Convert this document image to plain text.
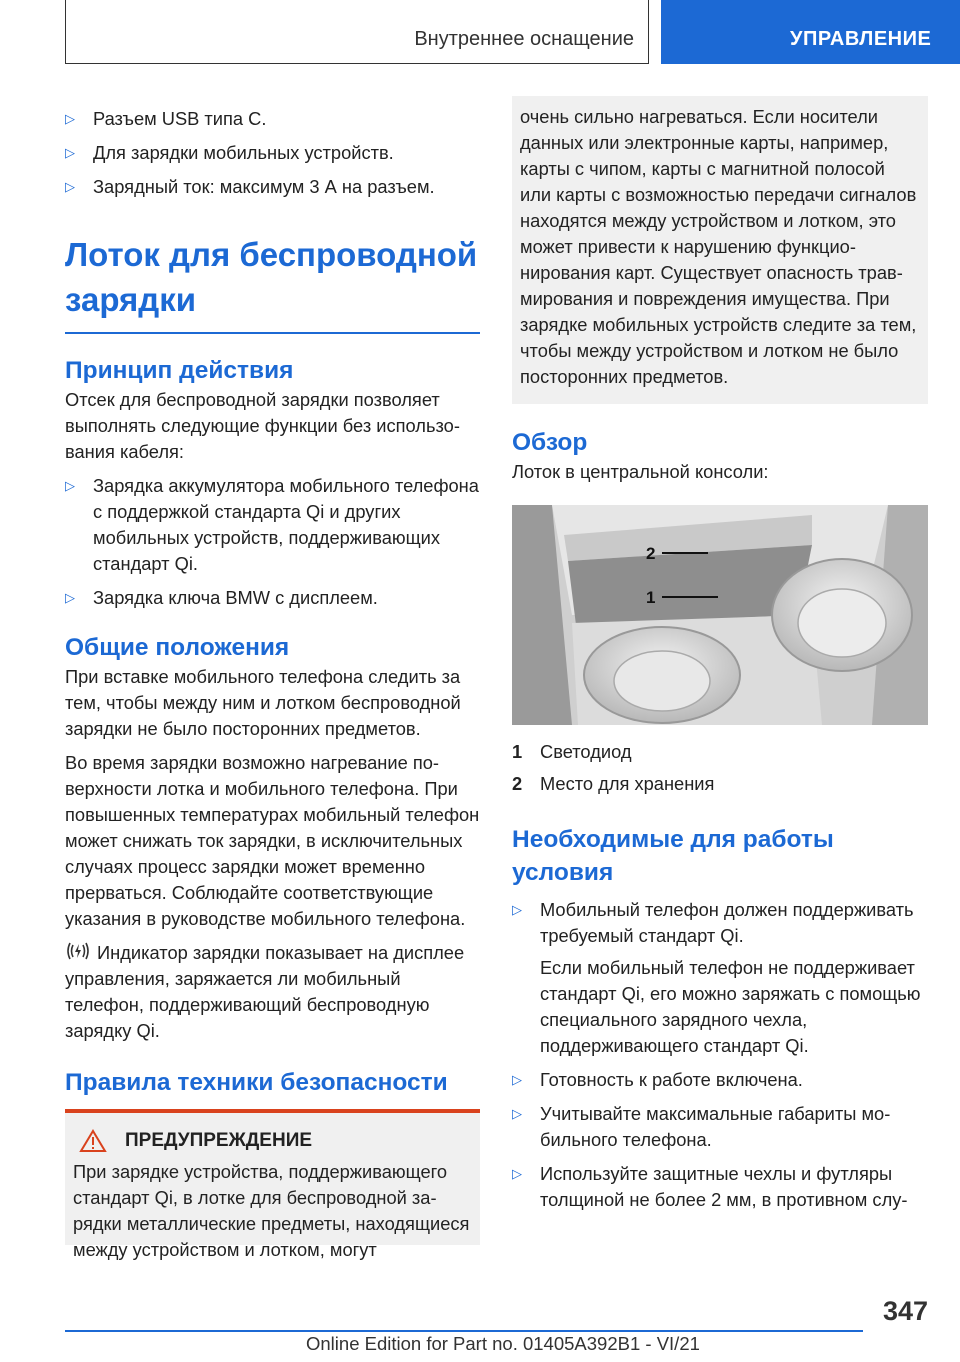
Внутреннее оснащение	УПРАВЛЕНИЕ
▷ Разъем USB типа C.
▷ Для зарядки мобильных устройств.
▷ Зарядный ток: максимум 3 А на разъем.
Лоток для беспроводной
зарядки
Принцип действия

Отсек для беспроводной зарядки позволяет выполнять следующие функции без использования кабеля:

▷ Зарядка аккумулятора мобильного телефона с поддержкой стандарта Qi и других мобильных устройств, поддерживающих стандарт Qi.
▷ Зарядка ключа BMW с дисплеем.
Общие положения

При вставке мобильного телефона следить за тем, чтобы между ним и лотком беспроводной зарядки не было посторонних предметов.

Во время зарядки возможно нагревание поверхности лотка и мобильного телефона. При повышенных температурах мобильный телефон может снижать ток зарядки, в исключительных случаях процесс зарядки может временно прерваться. Соблюдайте соответствующие указания в руководстве мобильного телефона.

Индикатор зарядки показывает на дисплее управления, заряжается ли мобильный телефон, поддерживающий беспроводную зарядку Qi.

Правила техники безопасности
ПРЕДУПРЕЖДЕНИЕ

При зарядке устройства, поддерживающего стандарт Qi, в лотке для беспроводной зарядки металлические предметы, находящиеся между устройством и лотком, могут

очень сильно нагреваться. Если носители данных или электронные карты, например, карты с чипом, карты с магнитной полосой или карты с возможностью передачи сигналов находятся между устройством и лотком, это может привести к нарушению функционирования карт. Существует опасность травмирования и повреждения имущества. При зарядке мобильных устройств следите за тем, чтобы между устройством и лотком не было посторонних предметов.

Обзор

Лоток в центральной консоли:

2
1
1 Светодиод
2 Место для хранения
Необходимые для работы
условия
▷ Мобильный телефон должен поддерживать требуемый стандарт Qi.
Если мобильный телефон не поддерживает стандарт Qi, его можно заряжать с помощью специального зарядного чехла, поддерживающего стандарт Qi.
▷ Готовность к работе включена.
▷ Учитывайте максимальные габариты мобильного телефона.
▷ Используйте защитные чехлы и футляры толщиной не более 2 мм, в противном слу-
347
Online Edition for Part no. 01405A392B1 - VI/21
